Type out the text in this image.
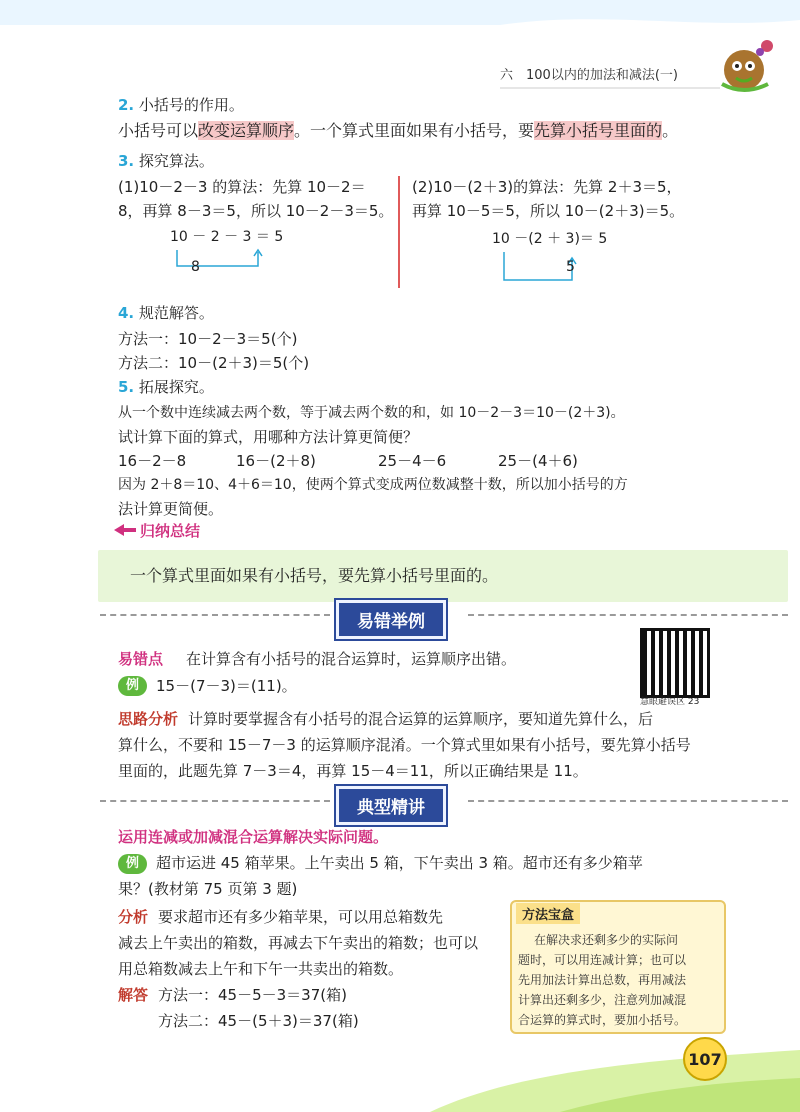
六　100以内的加法和减法(一)
2. 小括号的作用。
小括号可以改变运算顺序。一个算式里面如果有小括号，要先算小括号里面的。
3. 探究算法。
(1)10－2－3 的算法：先算 10－2＝
8，再算 8－3＝5，所以 10－2－3＝5。
10 － 2 － 3 ＝ 5
8
(2)10－(2＋3)的算法：先算 2＋3＝5，
再算 10－5＝5，所以 10－(2＋3)＝5。
10 －(2 ＋ 3)＝ 5
5
4. 规范解答。
方法一：10－2－3＝5(个)
方法二：10－(2＋3)＝5(个)
5. 拓展探究。
从一个数中连续减去两个数，等于减去两个数的和，如 10－2－3＝10－(2＋3)。
试计算下面的算式，用哪种方法计算更简便？
16－2－8	16－(2＋8)	25－4－6	25－(4＋6)
因为 2＋8＝10、4＋6＝10，使两个算式变成两位数减整十数，所以加小括号的方
法计算更简便。
归纳总结
一个算式里面如果有小括号，要先算小括号里面的。
易错举例
易错点 在计算含有小括号的混合运算时，运算顺序出错。
慧眼避误区 23
例	15－(7－3)＝(11)。
思路分析 计算时要掌握含有小括号的混合运算的运算顺序，要知道先算什么，后
算什么，不要和 15－7－3 的运算顺序混淆。一个算式里如果有小括号，要先算小括号
里面的，此题先算 7－3＝4，再算 15－4＝11，所以正确结果是 11。
典型精讲
运用连减或加减混合运算解决实际问题。
例	超市运进 45 箱苹果。上午卖出 5 箱，下午卖出 3 箱。超市还有多少箱苹
果？(教材第 75 页第 3 题)
分析 要求超市还有多少箱苹果，可以用总箱数先
减去上午卖出的箱数，再减去下午卖出的箱数；也可以
用总箱数减去上午和下午一共卖出的箱数。
解答 方法一：45－5－3＝37(箱)
方法二：45－(5＋3)＝37(箱)
方法宝盒
在解决求还剩多少的实际问
题时，可以用连减计算；也可以
先用加法计算出总数，再用减法
计算出还剩多少，注意列加减混
合运算的算式时，要加小括号。
107
